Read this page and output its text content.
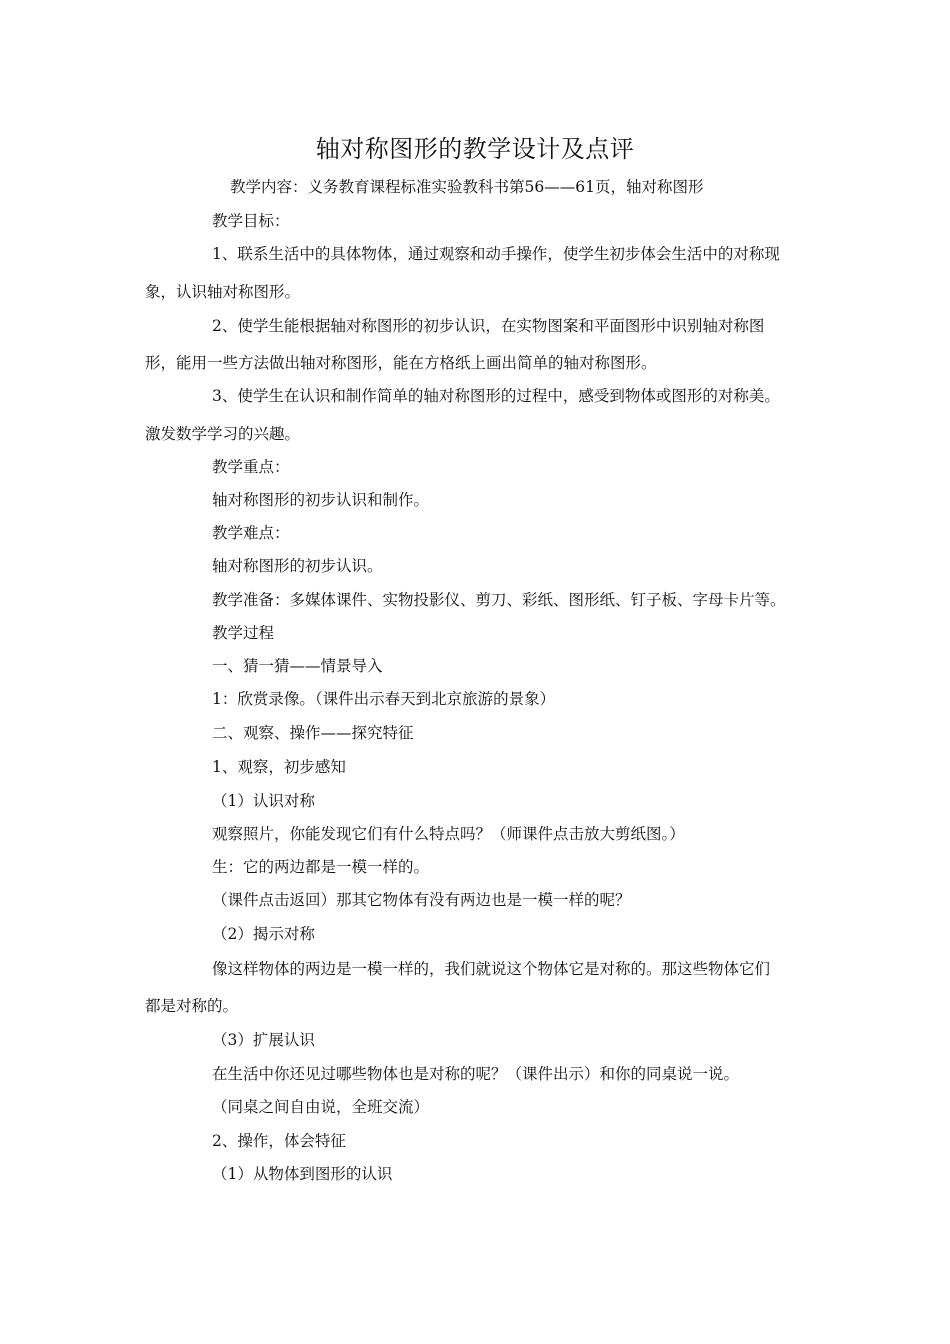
轴对称图形的教学设计及点评
教学内容：义务教育课程标准实验教科书第56——61页，轴对称图形
教学目标：
1、联系生活中的具体物体，通过观察和动手操作，使学生初步体会生活中的对称现
象，认识轴对称图形。
2、使学生能根据轴对称图形的初步认识，在实物图案和平面图形中识别轴对称图
形，能用一些方法做出轴对称图形，能在方格纸上画出简单的轴对称图形。
3、使学生在认识和制作简单的轴对称图形的过程中，感受到物体或图形的对称美。
激发数学学习的兴趣。
教学重点：
轴对称图形的初步认识和制作。
教学难点：
轴对称图形的初步认识。
教学准备：多媒体课件、实物投影仪、剪刀、彩纸、图形纸、钉子板、字母卡片等。
教学过程
一、猜一猜——情景导入
1：欣赏录像。（课件出示春天到北京旅游的景象）
二、观察、操作——探究特征
1、观察，初步感知
（1）认识对称
观察照片，你能发现它们有什么特点吗？（师课件点击放大剪纸图。）
生：它的两边都是一模一样的。
（课件点击返回）那其它物体有没有两边也是一模一样的呢？
（2）揭示对称
像这样物体的两边是一模一样的，我们就说这个物体它是对称的。那这些物体它们
都是对称的。
（3）扩展认识
在生活中你还见过哪些物体也是对称的呢？（课件出示）和你的同桌说一说。
（同桌之间自由说，全班交流）
2、操作，体会特征
（1）从物体到图形的认识
